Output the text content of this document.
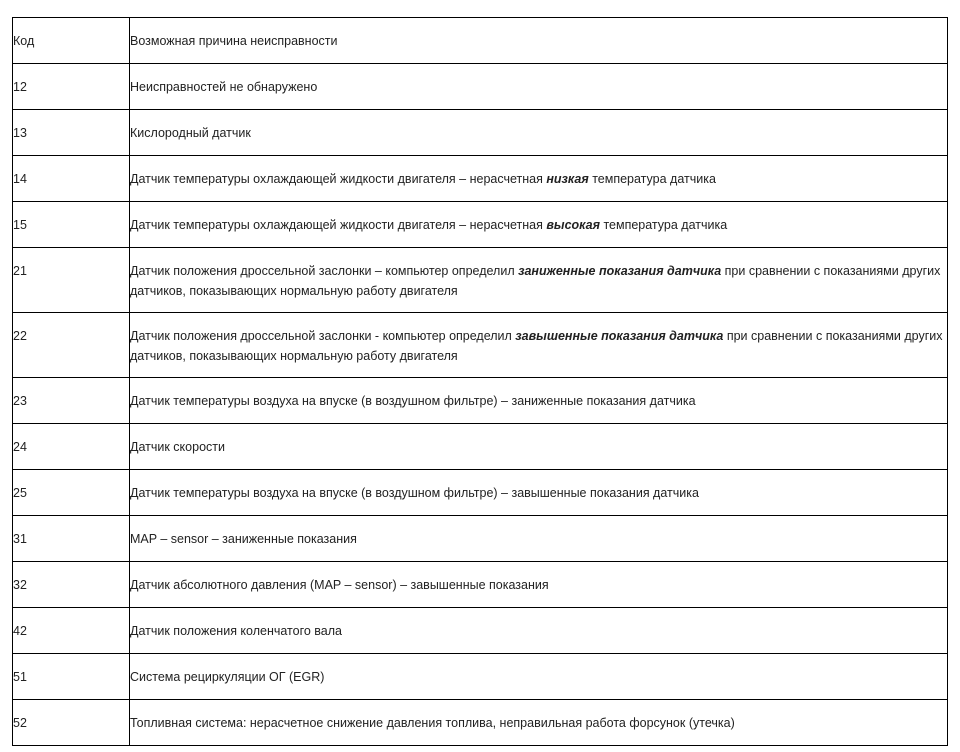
Код	Возможная причина неисправности

12	Неисправностей не обнаружено

13	Кислородный датчик

14	Датчик температуры охлаждающей жидкости двигателя – нерасчетная низкая температура датчика

15	Датчик температуры охлаждающей жидкости двигателя – нерасчетная высокая температура датчика

21	Датчик положения дроссельной заслонки – компьютер определил заниженные показания датчика при сравнении с показаниями других датчиков, показывающих нормальную работу двигателя

22	Датчик положения дроссельной заслонки - компьютер определил завышенные показания датчика при сравнении с показаниями других датчиков, показывающих нормальную работу двигателя

23	Датчик температуры воздуха на впуске (в воздушном фильтре) – заниженные показания датчика

24	Датчик скорости

25	Датчик температуры воздуха на впуске (в воздушном фильтре) – завышенные показания датчика

31	MAP – sensor – заниженные показания

32	Датчик абсолютного давления (MAP – sensor) – завышенные показания

42	Датчик положения коленчатого вала

51	Система рециркуляции ОГ (EGR)

52	Топливная система: нерасчетное снижение давления топлива, неправильная работа форсунок (утечка)
